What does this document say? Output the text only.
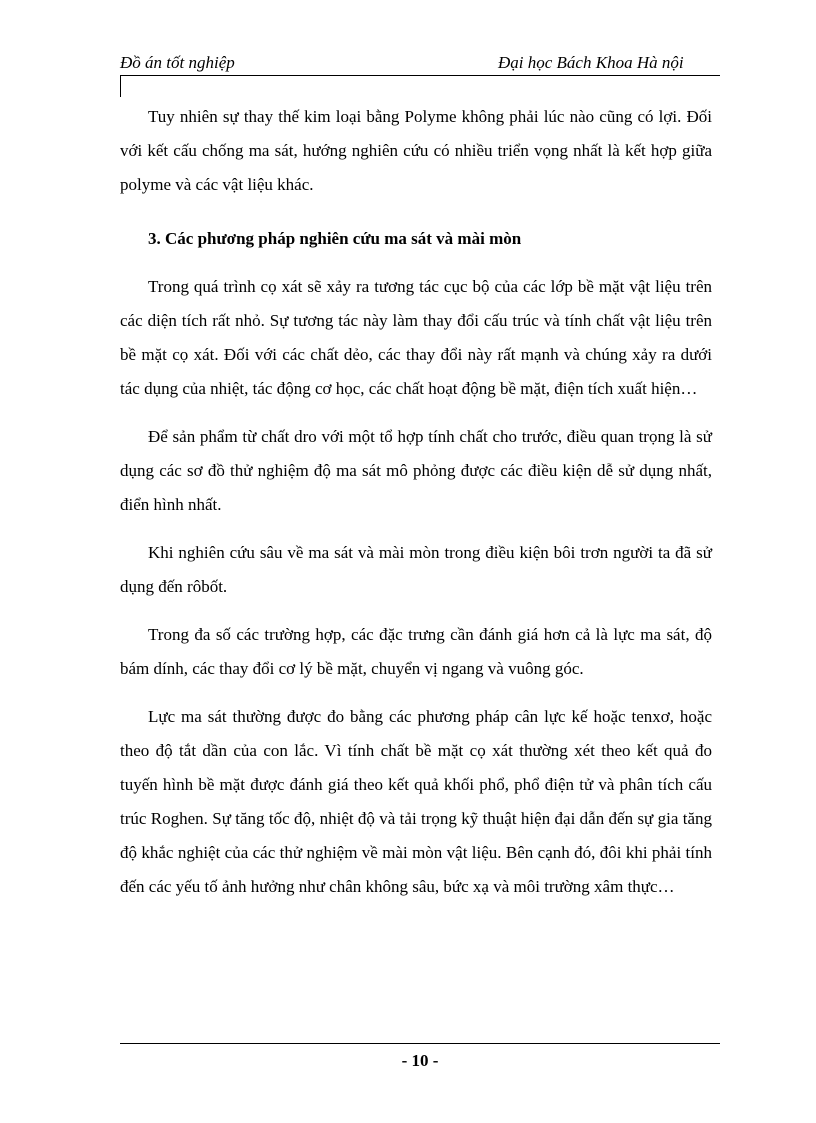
Đồ án tốt nghiệp	Đại học Bách Khoa Hà nội

Tuy nhiên sự thay thế kim loại bằng Polyme không phải lúc nào cũng có lợi. Đối với kết cấu chống ma sát, hướng nghiên cứu có nhiều triển vọng nhất là kết hợp giữa polyme và các vật liệu khác.

3. Các phương pháp nghiên cứu ma sát và mài mòn

Trong quá trình cọ xát sẽ xảy ra tương tác cục bộ của các lớp bề mặt vật liệu trên các diện tích rất nhỏ. Sự tương tác này làm thay đổi cấu trúc và tính chất vật liệu trên bề mặt cọ xát. Đối với các chất dẻo, các thay đổi này rất mạnh và chúng xảy ra dưới tác dụng của nhiệt, tác động cơ học, các chất hoạt động bề mặt, điện tích xuất hiện…

Để sản phẩm từ chất dro với một tổ hợp tính chất cho trước, điều quan trọng là sử dụng các sơ đồ thử nghiệm độ ma sát mô phỏng được các điều kiện dễ sử dụng nhất, điển hình nhất.

Khi nghiên cứu sâu về ma sát và mài mòn trong điều kiện bôi trơn người ta đã sử dụng đến rôbốt.

Trong đa số các trường hợp, các đặc trưng cần đánh giá hơn cả là lực ma sát, độ bám dính, các thay đổi cơ lý bề mặt, chuyển vị ngang và vuông góc.

Lực ma sát thường được đo bằng các phương pháp cân lực kế hoặc tenxơ, hoặc theo độ tắt dần của con lắc. Vì tính chất bề mặt cọ xát thường xét theo kết quả đo tuyến hình bề mặt được đánh giá theo kết quả khối phổ, phổ điện tử và phân tích cấu trúc Roghen. Sự tăng tốc độ, nhiệt độ và tải trọng kỹ thuật hiện đại dẫn đến sự gia tăng độ khắc nghiệt của các thử nghiệm về mài mòn vật liệu. Bên cạnh đó, đôi khi phải tính đến các yếu tố ảnh hưởng như chân không sâu, bức xạ và môi trường xâm thực…

- 10 -
